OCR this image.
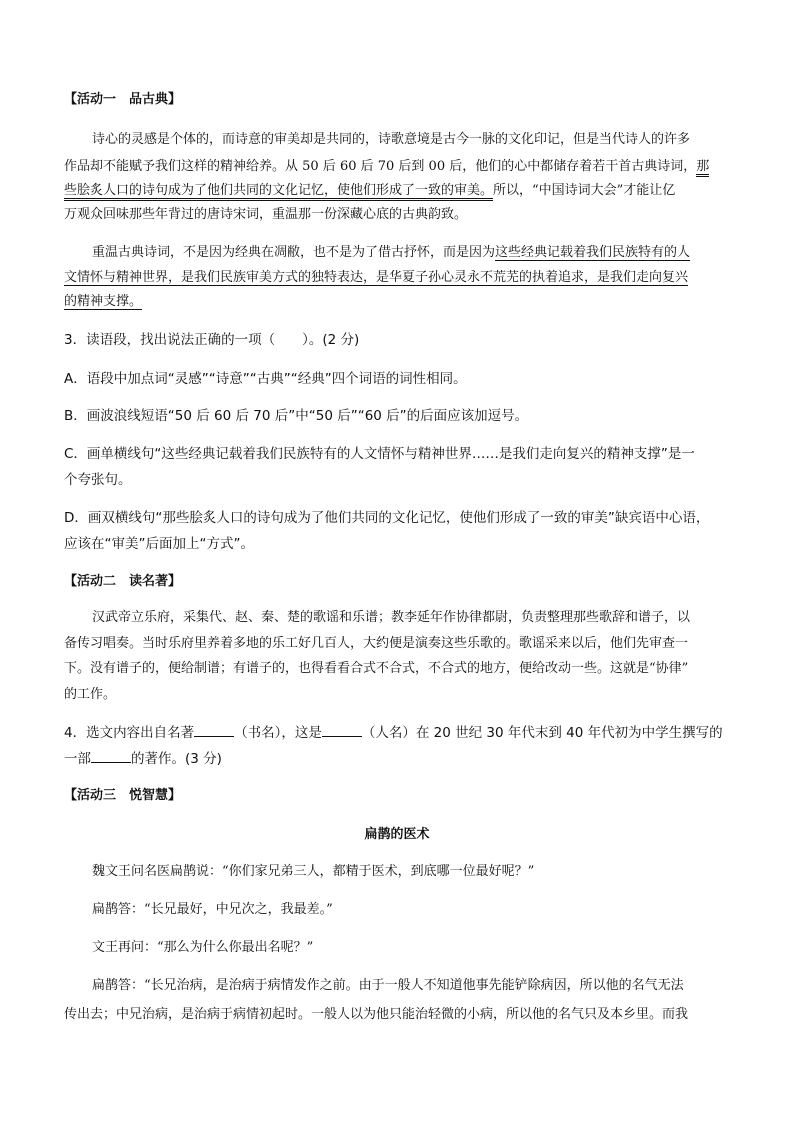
【活动一　品古典】
诗心的灵感是个体的，而诗意的审美却是共同的，诗歌意境是古今一脉的文化印记，但是当代诗人的许多
作品却不能赋予我们这样的精神给养。从 50 后 60 后 70 后到 00 后，他们的心中都储存着若干首古典诗词，那
些脍炙人口的诗句成为了他们共同的文化记忆，使他们形成了一致的审美。所以，“中国诗词大会”才能让亿
万观众回味那些年背过的唐诗宋词，重温那一份深藏心底的古典韵致。
重温古典诗词，不是因为经典在凋敝，也不是为了借古抒怀，而是因为这些经典记载着我们民族特有的人
文情怀与精神世界，是我们民族审美方式的独特表达，是华夏子孙心灵永不荒芜的执着追求，是我们走向复兴
的精神支撑。
3．读语段，找出说法正确的一项（　　）。(2 分)
A．语段中加点词“灵感”“诗意”“古典”“经典”四个词语的词性相同。
B．画波浪线短语“50 后 60 后 70 后”中“50 后”“60 后”的后面应该加逗号。
C．画单横线句“这些经典记载着我们民族特有的人文情怀与精神世界……是我们走向复兴的精神支撑”是一
个夸张句。
D．画双横线句“那些脍炙人口的诗句成为了他们共同的文化记忆，使他们形成了一致的审美”缺宾语中心语，
应该在“审美”后面加上“方式”。
【活动二　读名著】
汉武帝立乐府，采集代、赵、秦、楚的歌谣和乐谱；教李延年作协律都尉，负责整理那些歌辞和谱子，以
备传习唱奏。当时乐府里养着多地的乐工好几百人，大约便是演奏这些乐歌的。歌谣采来以后，他们先审查一
下。没有谱子的，便给制谱；有谱子的，也得看看合式不合式，不合式的地方，便给改动一些。这就是“协律”
的工作。
4．选文内容出自名著	（书名），这是	（人名）在 20 世纪 30 年代末到 40 年代初为中学生撰写的
一部	的著作。(3 分)
【活动三　悦智慧】
扁鹊的医术
魏文王问名医扁鹊说：“你们家兄弟三人，都精于医术，到底哪一位最好呢？”
扁鹊答：“长兄最好，中兄次之，我最差。”
文王再问：“那么为什么你最出名呢？”
扁鹊答：“长兄治病，是治病于病情发作之前。由于一般人不知道他事先能铲除病因，所以他的名气无法
传出去；中兄治病，是治病于病情初起时。一般人以为他只能治轻微的小病，所以他的名气只及本乡里。而我
